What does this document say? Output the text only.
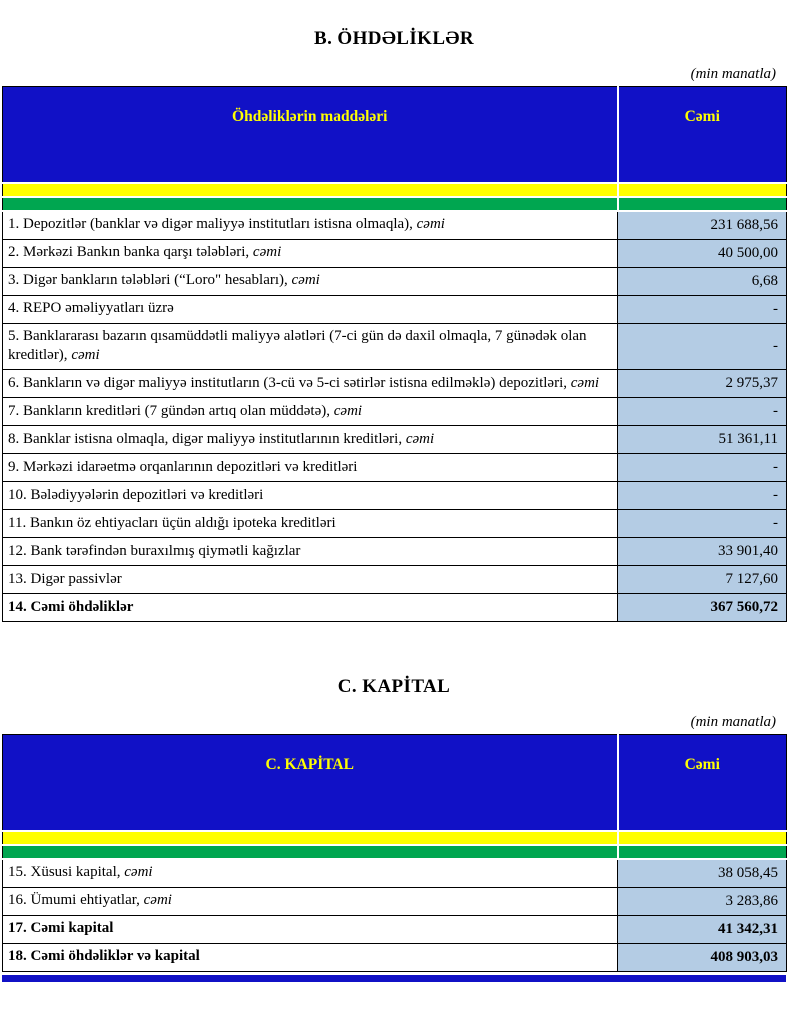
B. ÖHDƏLİKLƏR
(min manatla)
Öhdəliklərin maddələri	Cəmi

1. Depozitlər (banklar və digər maliyyə institutları istisna olmaqla), cəmi	231 688,56
2. Mərkəzi Bankın banka qarşı tələbləri, cəmi	40 500,00
3. Digər bankların tələbləri (“Loro" hesabları), cəmi	6,68
4. REPO əməliyyatları üzrə	-
5. Banklararası bazarın qısamüddətli maliyyə alətləri (7-ci gün də daxil olmaqla, 7 günədək olan kreditlər), cəmi	-
6. Bankların və digər maliyyə institutların (3-cü və 5-ci sətirlər istisna edilməklə) depozitləri, cəmi	2 975,37
7. Bankların kreditləri (7 gündən artıq olan müddətə), cəmi	-
8. Banklar istisna olmaqla, digər maliyyə institutlarının kreditləri, cəmi	51 361,11
9. Mərkəzi idarəetmə orqanlarının depozitləri və kreditləri	-
10. Bələdiyyələrin depozitləri və kreditləri	-
11. Bankın öz ehtiyacları üçün aldığı ipoteka kreditləri	-
12. Bank tərəfindən buraxılmış qiymətli kağızlar	33 901,40
13. Digər passivlər	7 127,60
14. Cəmi öhdəliklər	367 560,72
C. KAPİTAL
(min manatla)
C. KAPİTAL	Cəmi

15. Xüsusi kapital, cəmi	38 058,45
16. Ümumi ehtiyatlar, cəmi	3 283,86
17. Cəmi kapital	41 342,31
18. Cəmi öhdəliklər və kapital	408 903,03
